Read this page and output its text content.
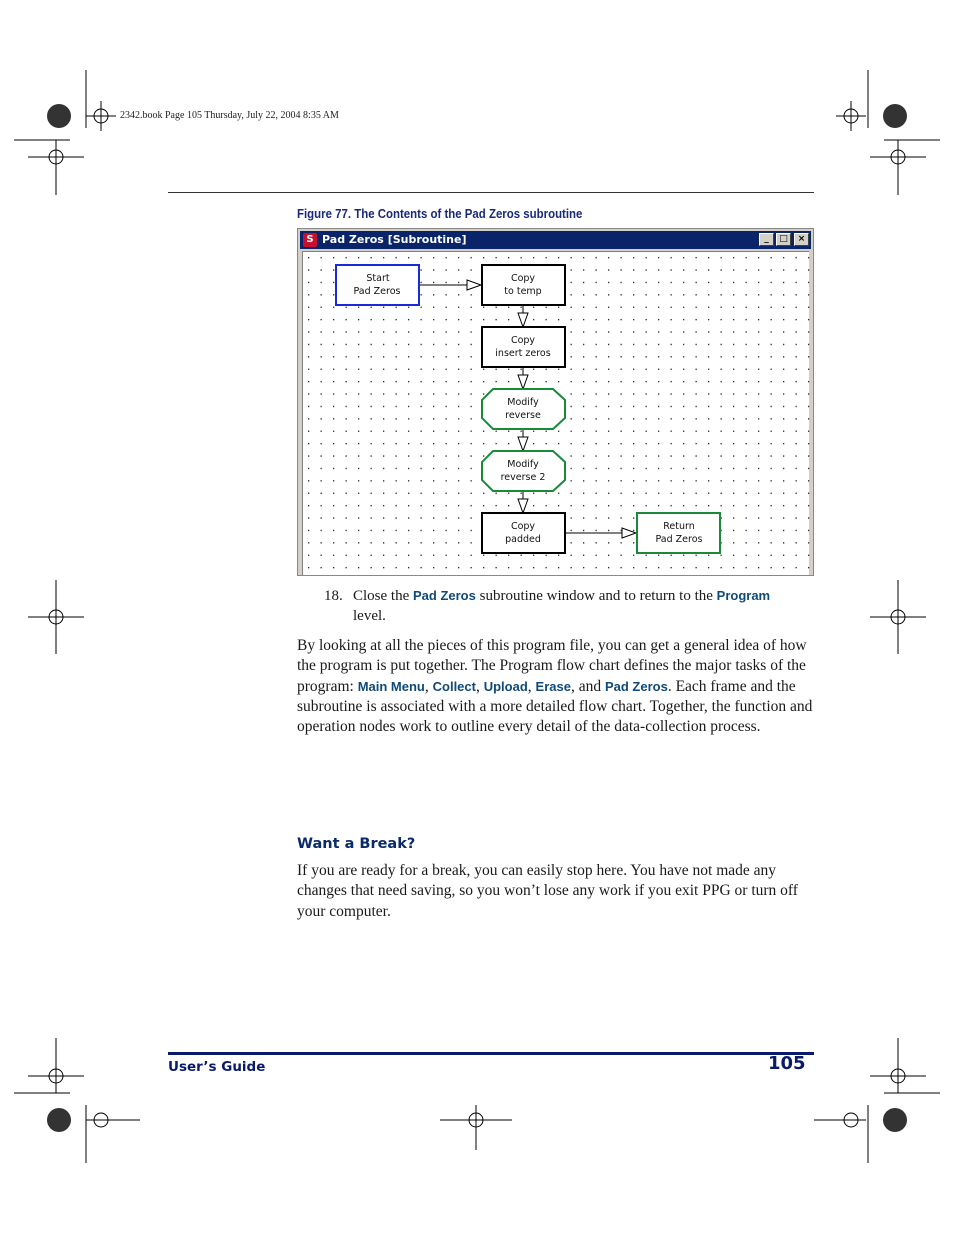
2342.book Page 105 Thursday, July 22, 2004 8:35 AM
Figure 77. The Contents of the Pad Zeros subroutine
S Pad Zeros [Subroutine]	_	□	×
Start
Pad Zeros
Copy
to temp
Copy
insert zeros
Modify
reverse
Modify
reverse 2
Copy
padded
Return
Pad Zeros
18. Close the Pad Zeros subroutine window and to return to the Program
level.
By looking at all the pieces of this program file, you can get a general idea of how the program is put together. The Program flow chart defines the major tasks of the program: Main Menu, Collect, Upload, Erase, and Pad Zeros. Each frame and the subroutine is associated with a more detailed flow chart. Together, the function and operation nodes work to outline every detail of the data-collection process.
Want a Break?
If you are ready for a break, you can easily stop here. You have not made any changes that need saving, so you won’t lose any work if you exit PPG or turn off your computer.
User’s Guide	105
